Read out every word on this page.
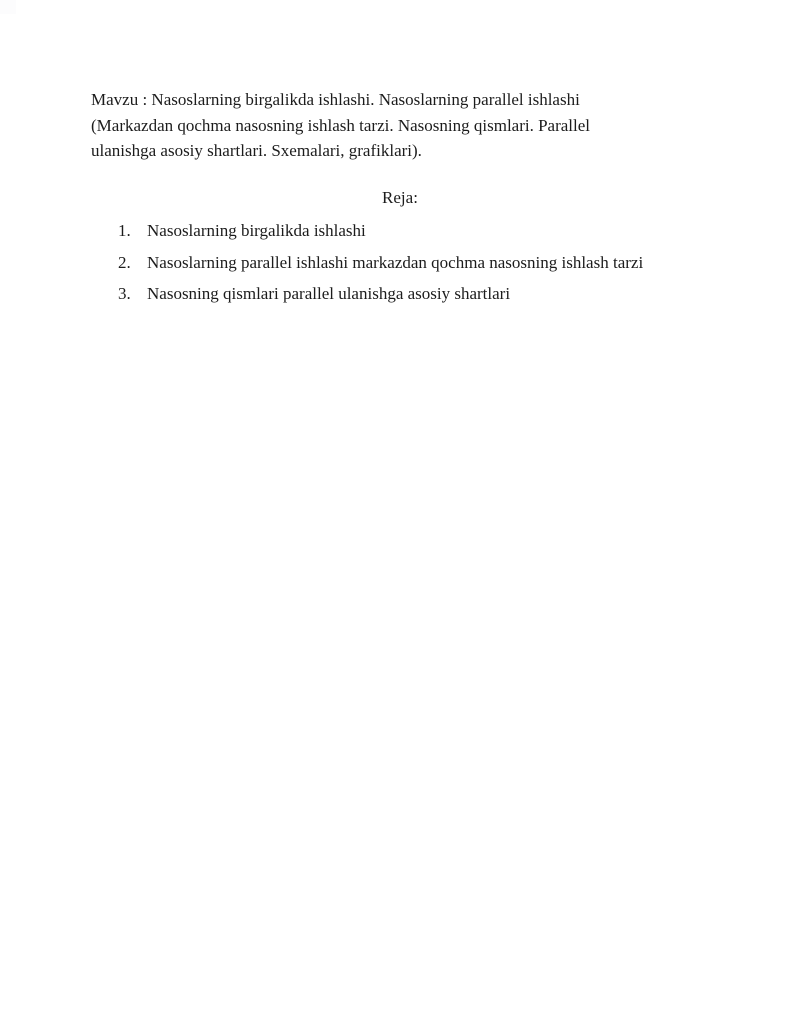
Mavzu : Nasoslarning birgalikda ishlashi. Nasoslarning parallel ishlashi
(Markazdan qochma nasosning ishlash tarzi. Nasosning qismlari. Parallel
ulanishga asosiy shartlari. Sxemalari, grafiklari).

Reja:

1. Nasoslarning birgalikda ishlashi
2. Nasoslarning parallel ishlashi markazdan qochma nasosning ishlash tarzi
3. Nasosning qismlari parallel ulanishga asosiy shartlari
